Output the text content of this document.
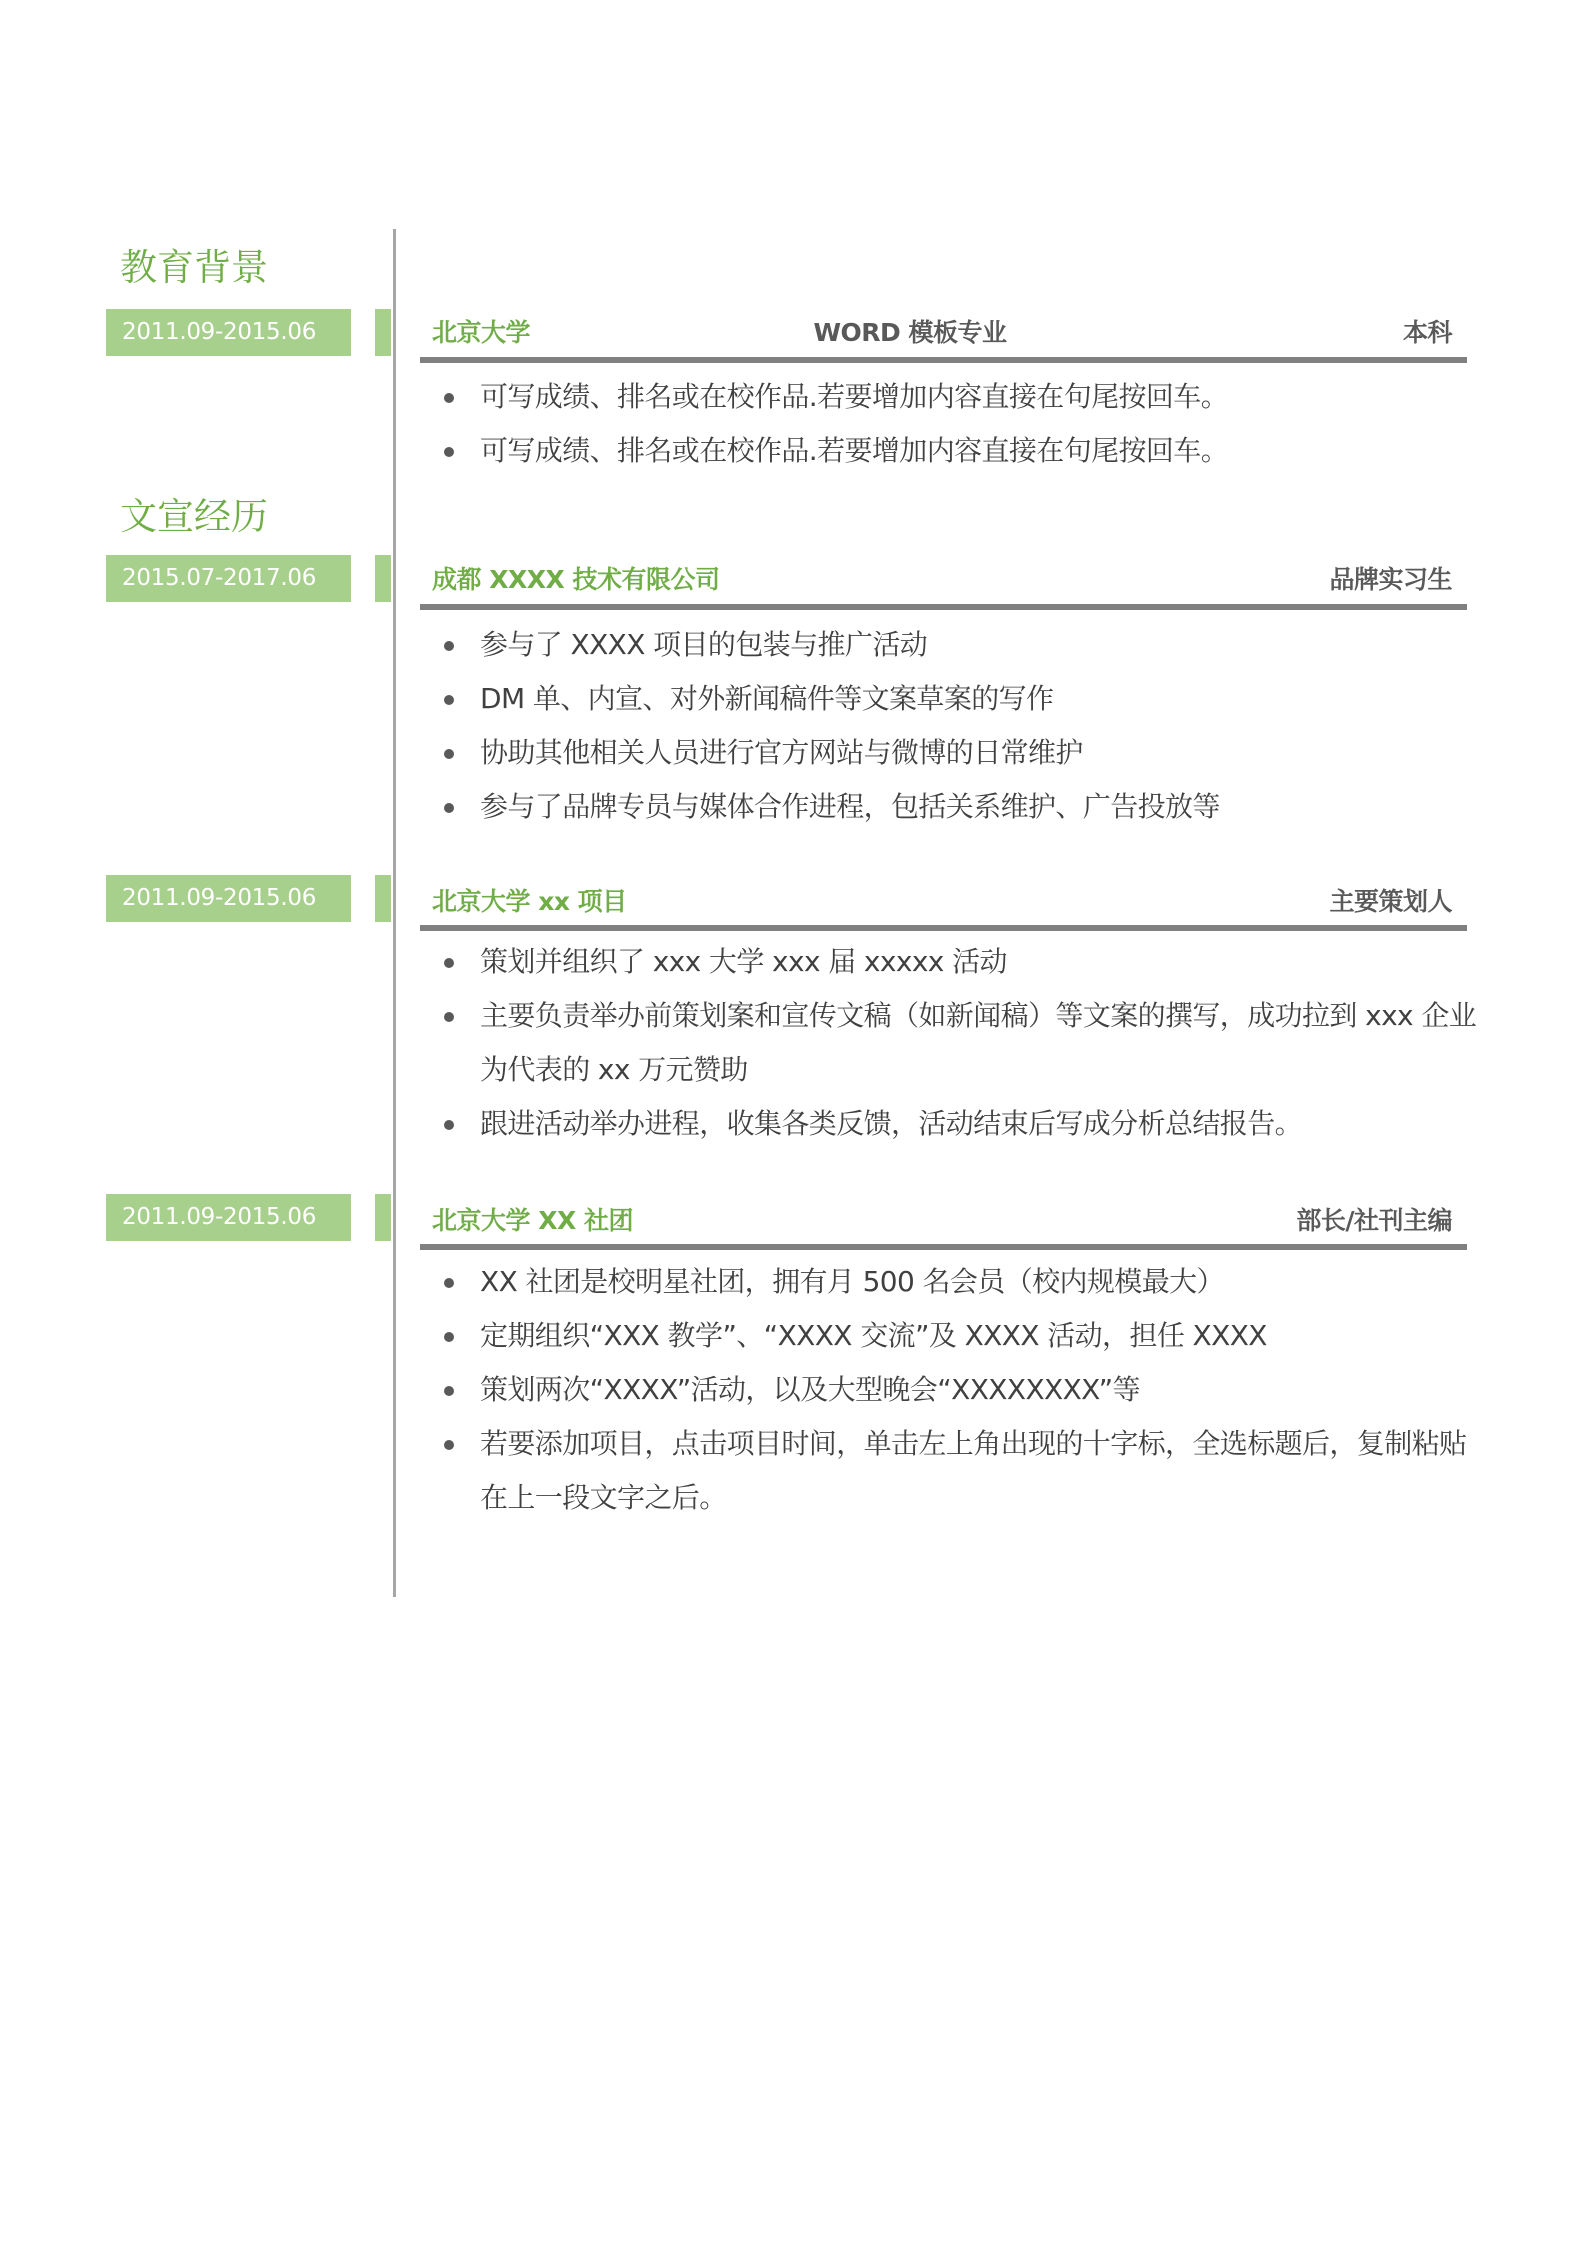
教育背景
2011.09-2015.06	北京大学	WORD 模板专业	本科
可写成绩、排名或在校作品.若要增加内容直接在句尾按回车。
可写成绩、排名或在校作品.若要增加内容直接在句尾按回车。
文宣经历
2015.07-2017.06	成都 XXXX 技术有限公司	品牌实习生
参与了 XXXX 项目的包装与推广活动
DM 单、内宣、对外新闻稿件等文案草案的写作
协助其他相关人员进行官方网站与微博的日常维护
参与了品牌专员与媒体合作进程，包括关系维护、广告投放等
2011.09-2015.06	北京大学 xx 项目	主要策划人
策划并组织了 xxx 大学 xxx 届 xxxxx 活动
主要负责举办前策划案和宣传文稿（如新闻稿）等文案的撰写，成功拉到 xxx 企业为代表的 xx 万元赞助
跟进活动举办进程，收集各类反馈，活动结束后写成分析总结报告。
2011.09-2015.06	北京大学 XX 社团	部长/社刊主编
XX 社团是校明星社团，拥有月 500 名会员（校内规模最大）
定期组织“XXX 教学”、“XXXX 交流”及 XXXX 活动，担任 XXXX
策划两次“XXXX”活动，以及大型晚会“XXXXXXXX”等
若要添加项目，点击项目时间，单击左上角出现的十字标，全选标题后，复制粘贴在上一段文字之后。
